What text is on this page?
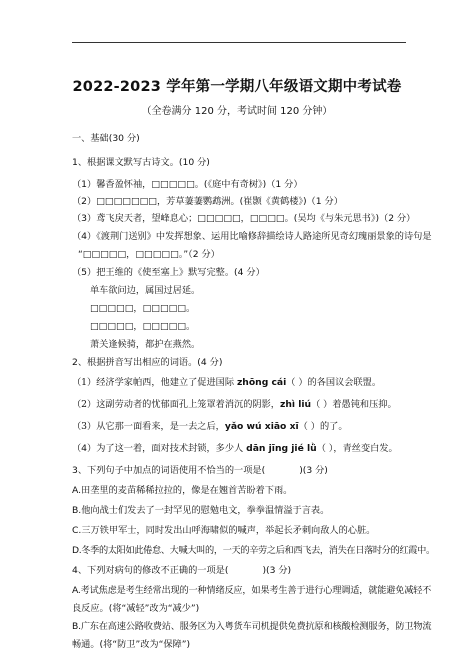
2022-2023 学年第一学期八年级语文期中考试卷
（全卷满分 120 分，考试时间 120 分钟）
一、基础(30 分)
1、根据课文默写古诗文。(10 分)
（1）馨香盈怀袖，□□□□□。(《庭中有奇树》)（1 分）
（2）□□□□□□□，芳草萋萋鹦鹉洲。(崔颢《黄鹤楼》)（1 分）
（3）鸢飞戾天者，望峰息心；□□□□□，□□□□。(吴均《与朱元思书》)（2 分）
（4）《渡荆门送别》中发挥想象、运用比喻修辞描绘诗人路途所见奇幻瑰丽景象的诗句是
“□□□□□，□□□□□。”（2 分）
（5）把王维的《使至塞上》默写完整。(4 分）
单车欲问边，属国过居延。
□□□□□，□□□□□。
□□□□□，□□□□□。
萧关逢候骑，都护在燕然。
2、根据拼音写出相应的词语。(4 分)
（1）经济学家帕西，他建立了促进国际 zhōng cái（ ）的各国议会联盟。
（2）这副劳动者的忧郁面孔上笼罩着消沉的阴影，zhì liú（ ）着愚钝和压抑。
（3）从它那一面看来，是一去之后，yǎo wú xiāo xī（ ）的了。
（4）为了这一着，面对技术封锁，多少人 dān jīng jié lǜ（ ），青丝变白发。
3、下列句子中加点的词语使用不恰当的一项是(	)(3 分)
A.田垄里的麦苗稀稀拉拉的，像是在翘首苦盼着下雨。
B.他向战士们发去了一封罕见的慰勉电文，拳拳温情溢于言表。
C.三万铁甲军士，同时发出山呼海啸似的喊声，举起长矛刺向敌人的心脏。
D.冬季的太阳如此倦怠、大喊大叫的，一天的辛劳之后和西飞去，消失在日落时分的红霞中。
4、下列对病句的修改不正确的一项是(	)(3 分)
A.考试焦虑是考生经常出现的一种情绪反应，如果考生善于进行心理调适，就能避免减轻不
良反应。(将“减轻”改为“减少”)
B.广东在高速公路收费站、服务区为入粤货车司机提供免费抗原和核酸检测服务，防卫物流
畅通。(将“防卫”改为“保障”)
